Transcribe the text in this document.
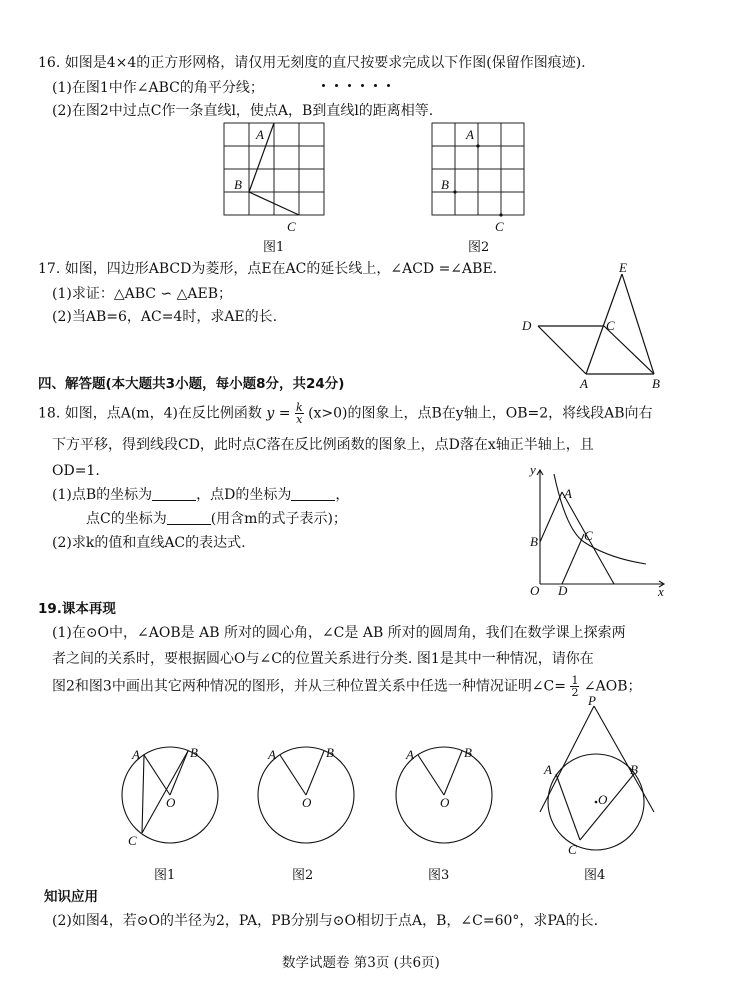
16. 如图是4×4的正方形网格，请仅用无刻度的直尺按要求完成以下作图(保留作图痕迹).
(1)在图1中作∠ABC的角平分线；
(2)在图2中过点C作一条直线l，使点A，B到直线l的距离相等.
A
B
C
图1
A
B
C
图2
17. 如图，四边形ABCD为菱形，点E在AC的延长线上，∠ACD =∠ABE.
(1)求证：△ABC ∽ △AEB；
(2)当AB=6，AC=4时，求AE的长.
E
D	C
A	B
四、解答题(本大题共3小题，每小题8分，共24分)
18. 如图，点A(m，4)在反比例函数 $y = \frac{k}{x} (x>0)$的图象上，点B在y轴上，OB=2，将线段AB向右
下方平移，得到线段CD，此时点C落在反比例函数的图象上，点D落在x轴正半轴上，且
OD=1.
(1)点B的坐标为	，点D的坐标为	，
点C的坐标为	(用含m的式子表示)；
(2)求k的值和直线AC的表达式.
y
x
A
B	C
O D
19.课本再现
(1)在⊙O中，∠AOB是 AB 所对的圆心角，∠C是 AB 所对的圆周角，我们在数学课上探索两
者之间的关系时，要根据圆心O与∠C的位置关系进行分类. 图1是其中一种情况，请你在
图2和图3中画出其它两种情况的图形，并从三种位置关系中任选一种情况证明∠C= $\frac{1}{2}$ ∠AOB；
A	B
O
C
图1
A	B
O
图2
A	B
O
图3
P
A	B
O
C
图4
知识应用
(2)如图4，若⊙O的半径为2，PA，PB分别与⊙O相切于点A，B，∠C=60°，求PA的长.
数学试题卷 第3页 (共6页)
